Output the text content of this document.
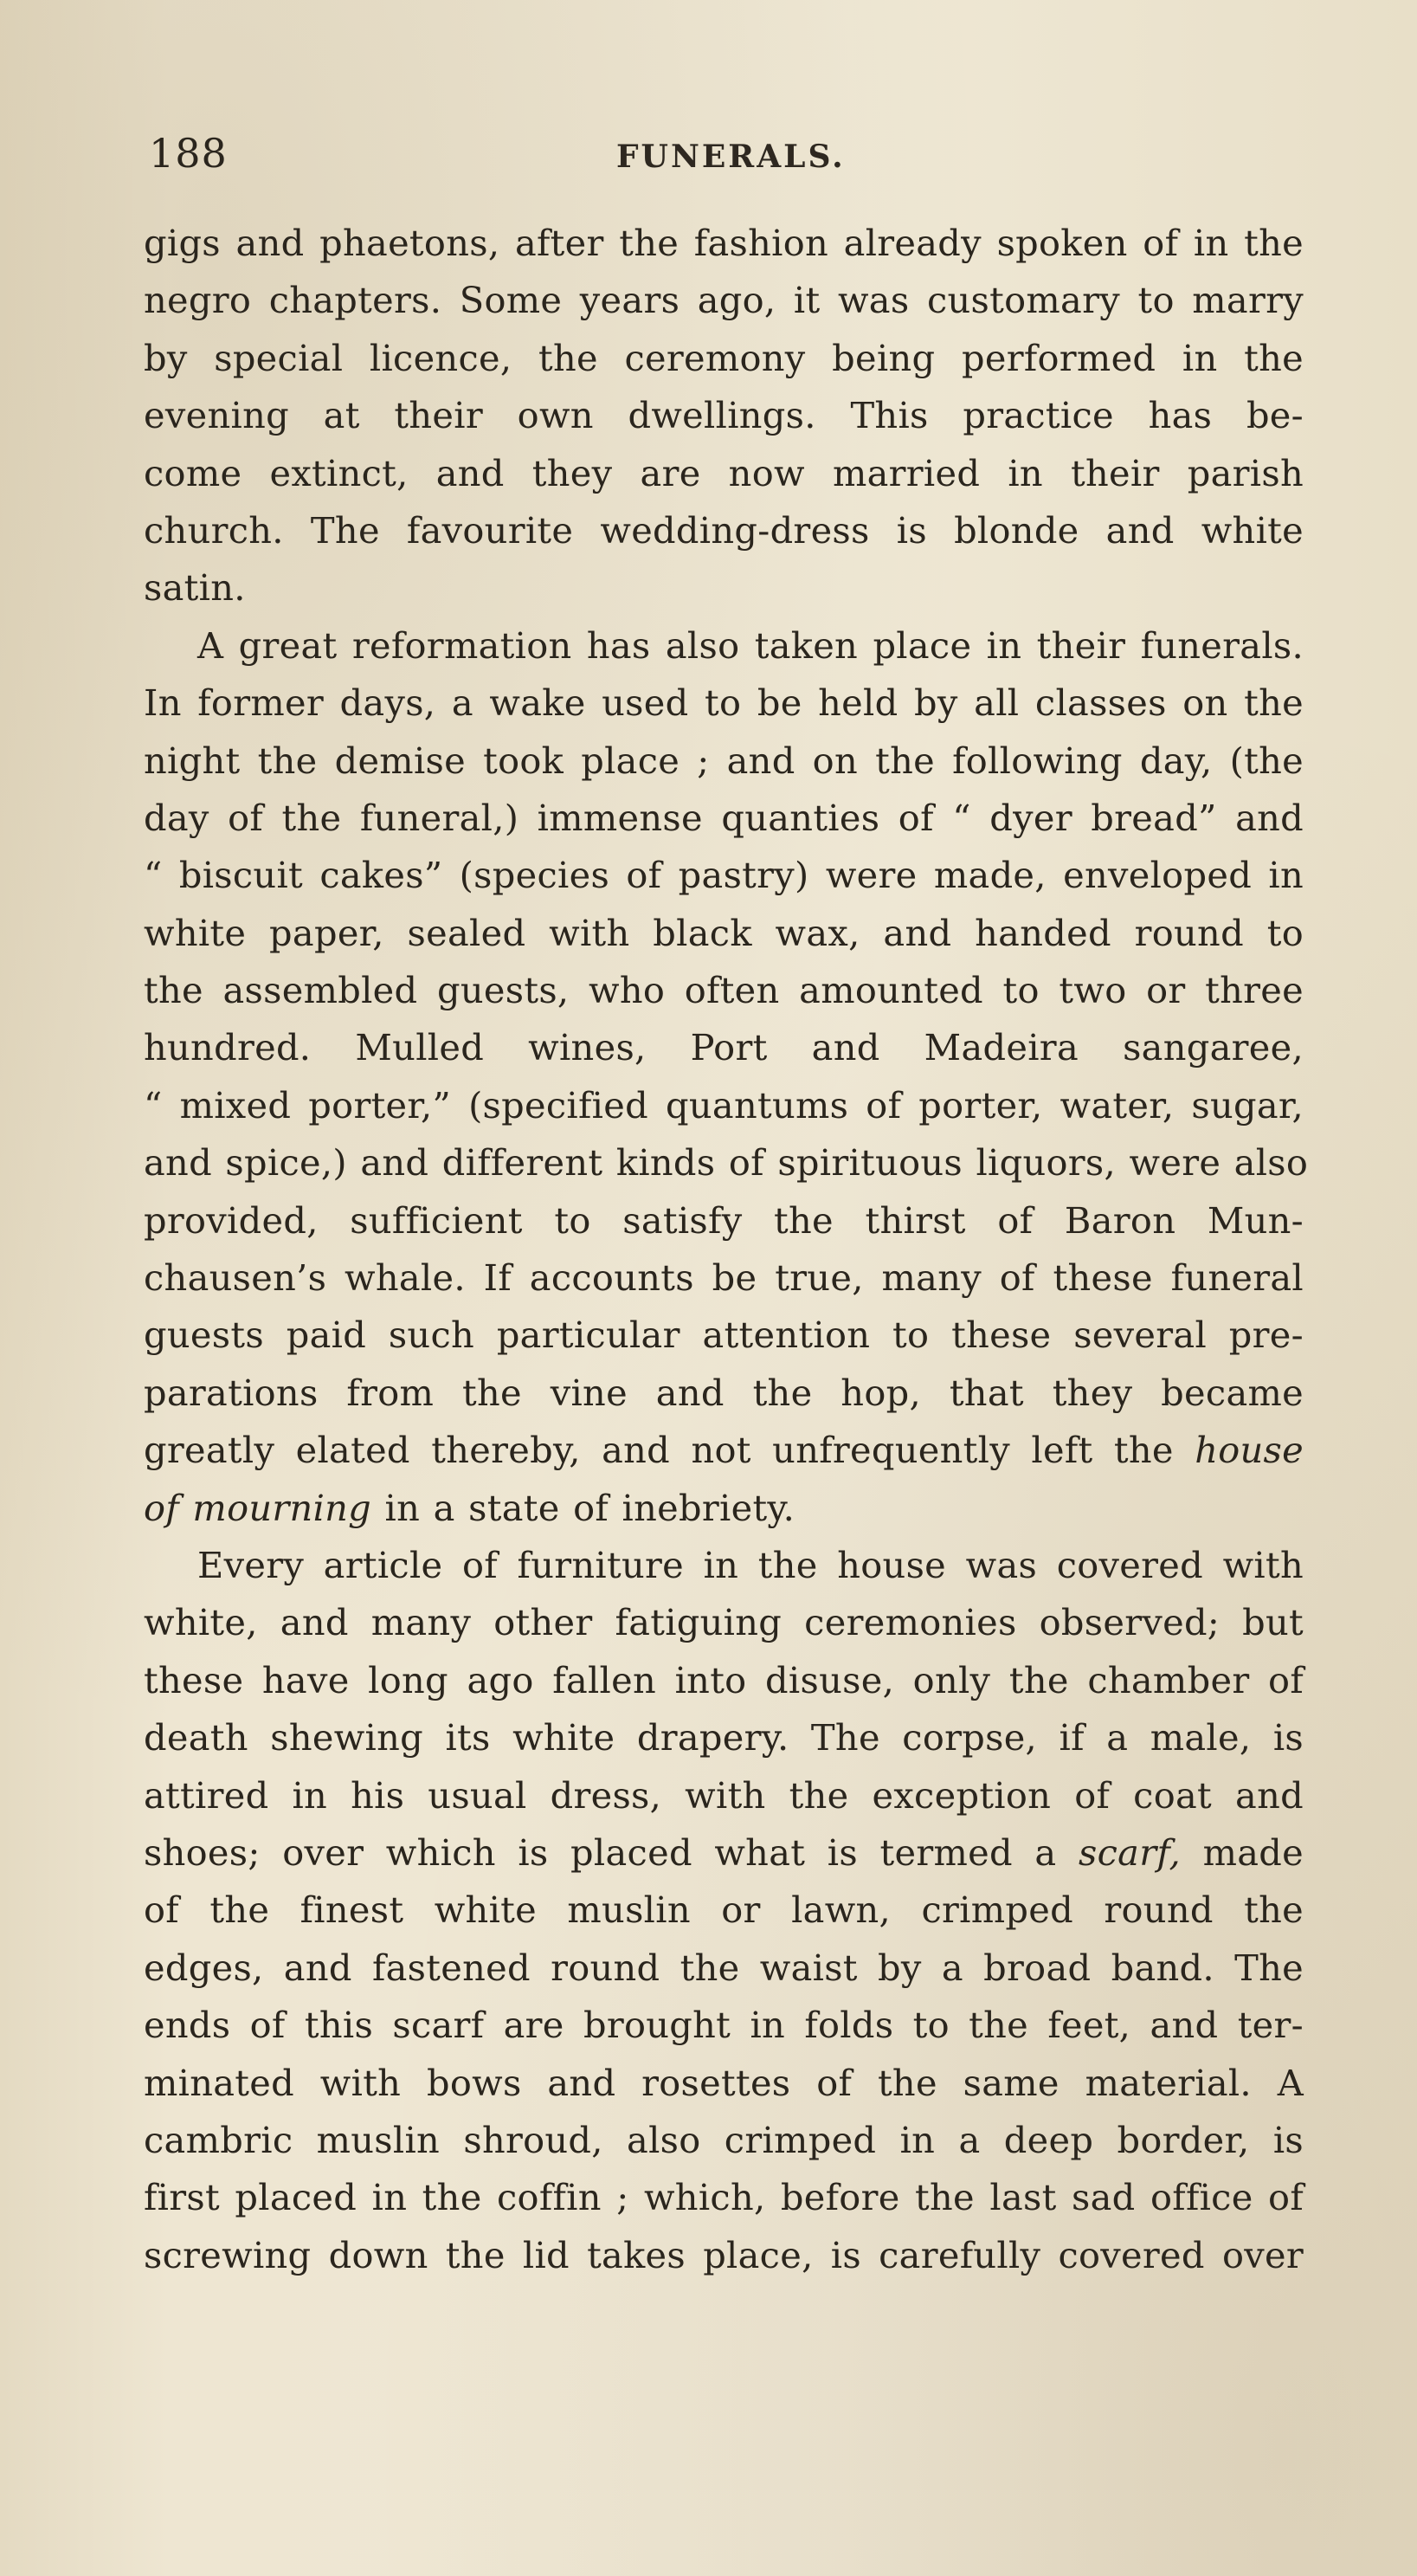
188	FUNERALS.
gigs and phaetons, after the fashion already spoken of in the
negro chapters. Some years ago, it was customary to marry
by special licence, the ceremony being performed in the
evening at their own dwellings. This practice has be-
come extinct, and they are now married in their parish
church. The favourite wedding-dress is blonde and white
satin.
A great reformation has also taken place in their funerals.
In former days, a wake used to be held by all classes on the
night the demise took place ; and on the following day, (the
day of the funeral,) immense quanties of “ dyer bread” and
“ biscuit cakes” (species of pastry) were made, enveloped in
white paper, sealed with black wax, and handed round to
the assembled guests, who often amounted to two or three
hundred. Mulled wines, Port and Madeira sangaree,
“ mixed porter,” (specified quantums of porter, water, sugar,
and spice,) and different kinds of spirituous liquors, were also
provided, sufficient to satisfy the thirst of Baron Mun-
chausen’s whale. If accounts be true, many of these funeral
guests paid such particular attention to these several pre-
parations from the vine and the hop, that they became
greatly elated thereby, and not unfrequently left the house
of mourning in a state of inebriety.
Every article of furniture in the house was covered with
white, and many other fatiguing ceremonies observed; but
these have long ago fallen into disuse, only the chamber of
death shewing its white drapery. The corpse, if a male, is
attired in his usual dress, with the exception of coat and
shoes; over which is placed what is termed a scarf, made
of the finest white muslin or lawn, crimped round the
edges, and fastened round the waist by a broad band. The
ends of this scarf are brought in folds to the feet, and ter-
minated with bows and rosettes of the same material. A
cambric muslin shroud, also crimped in a deep border, is
first placed in the coffin ; which, before the last sad office of
screwing down the lid takes place, is carefully covered over
